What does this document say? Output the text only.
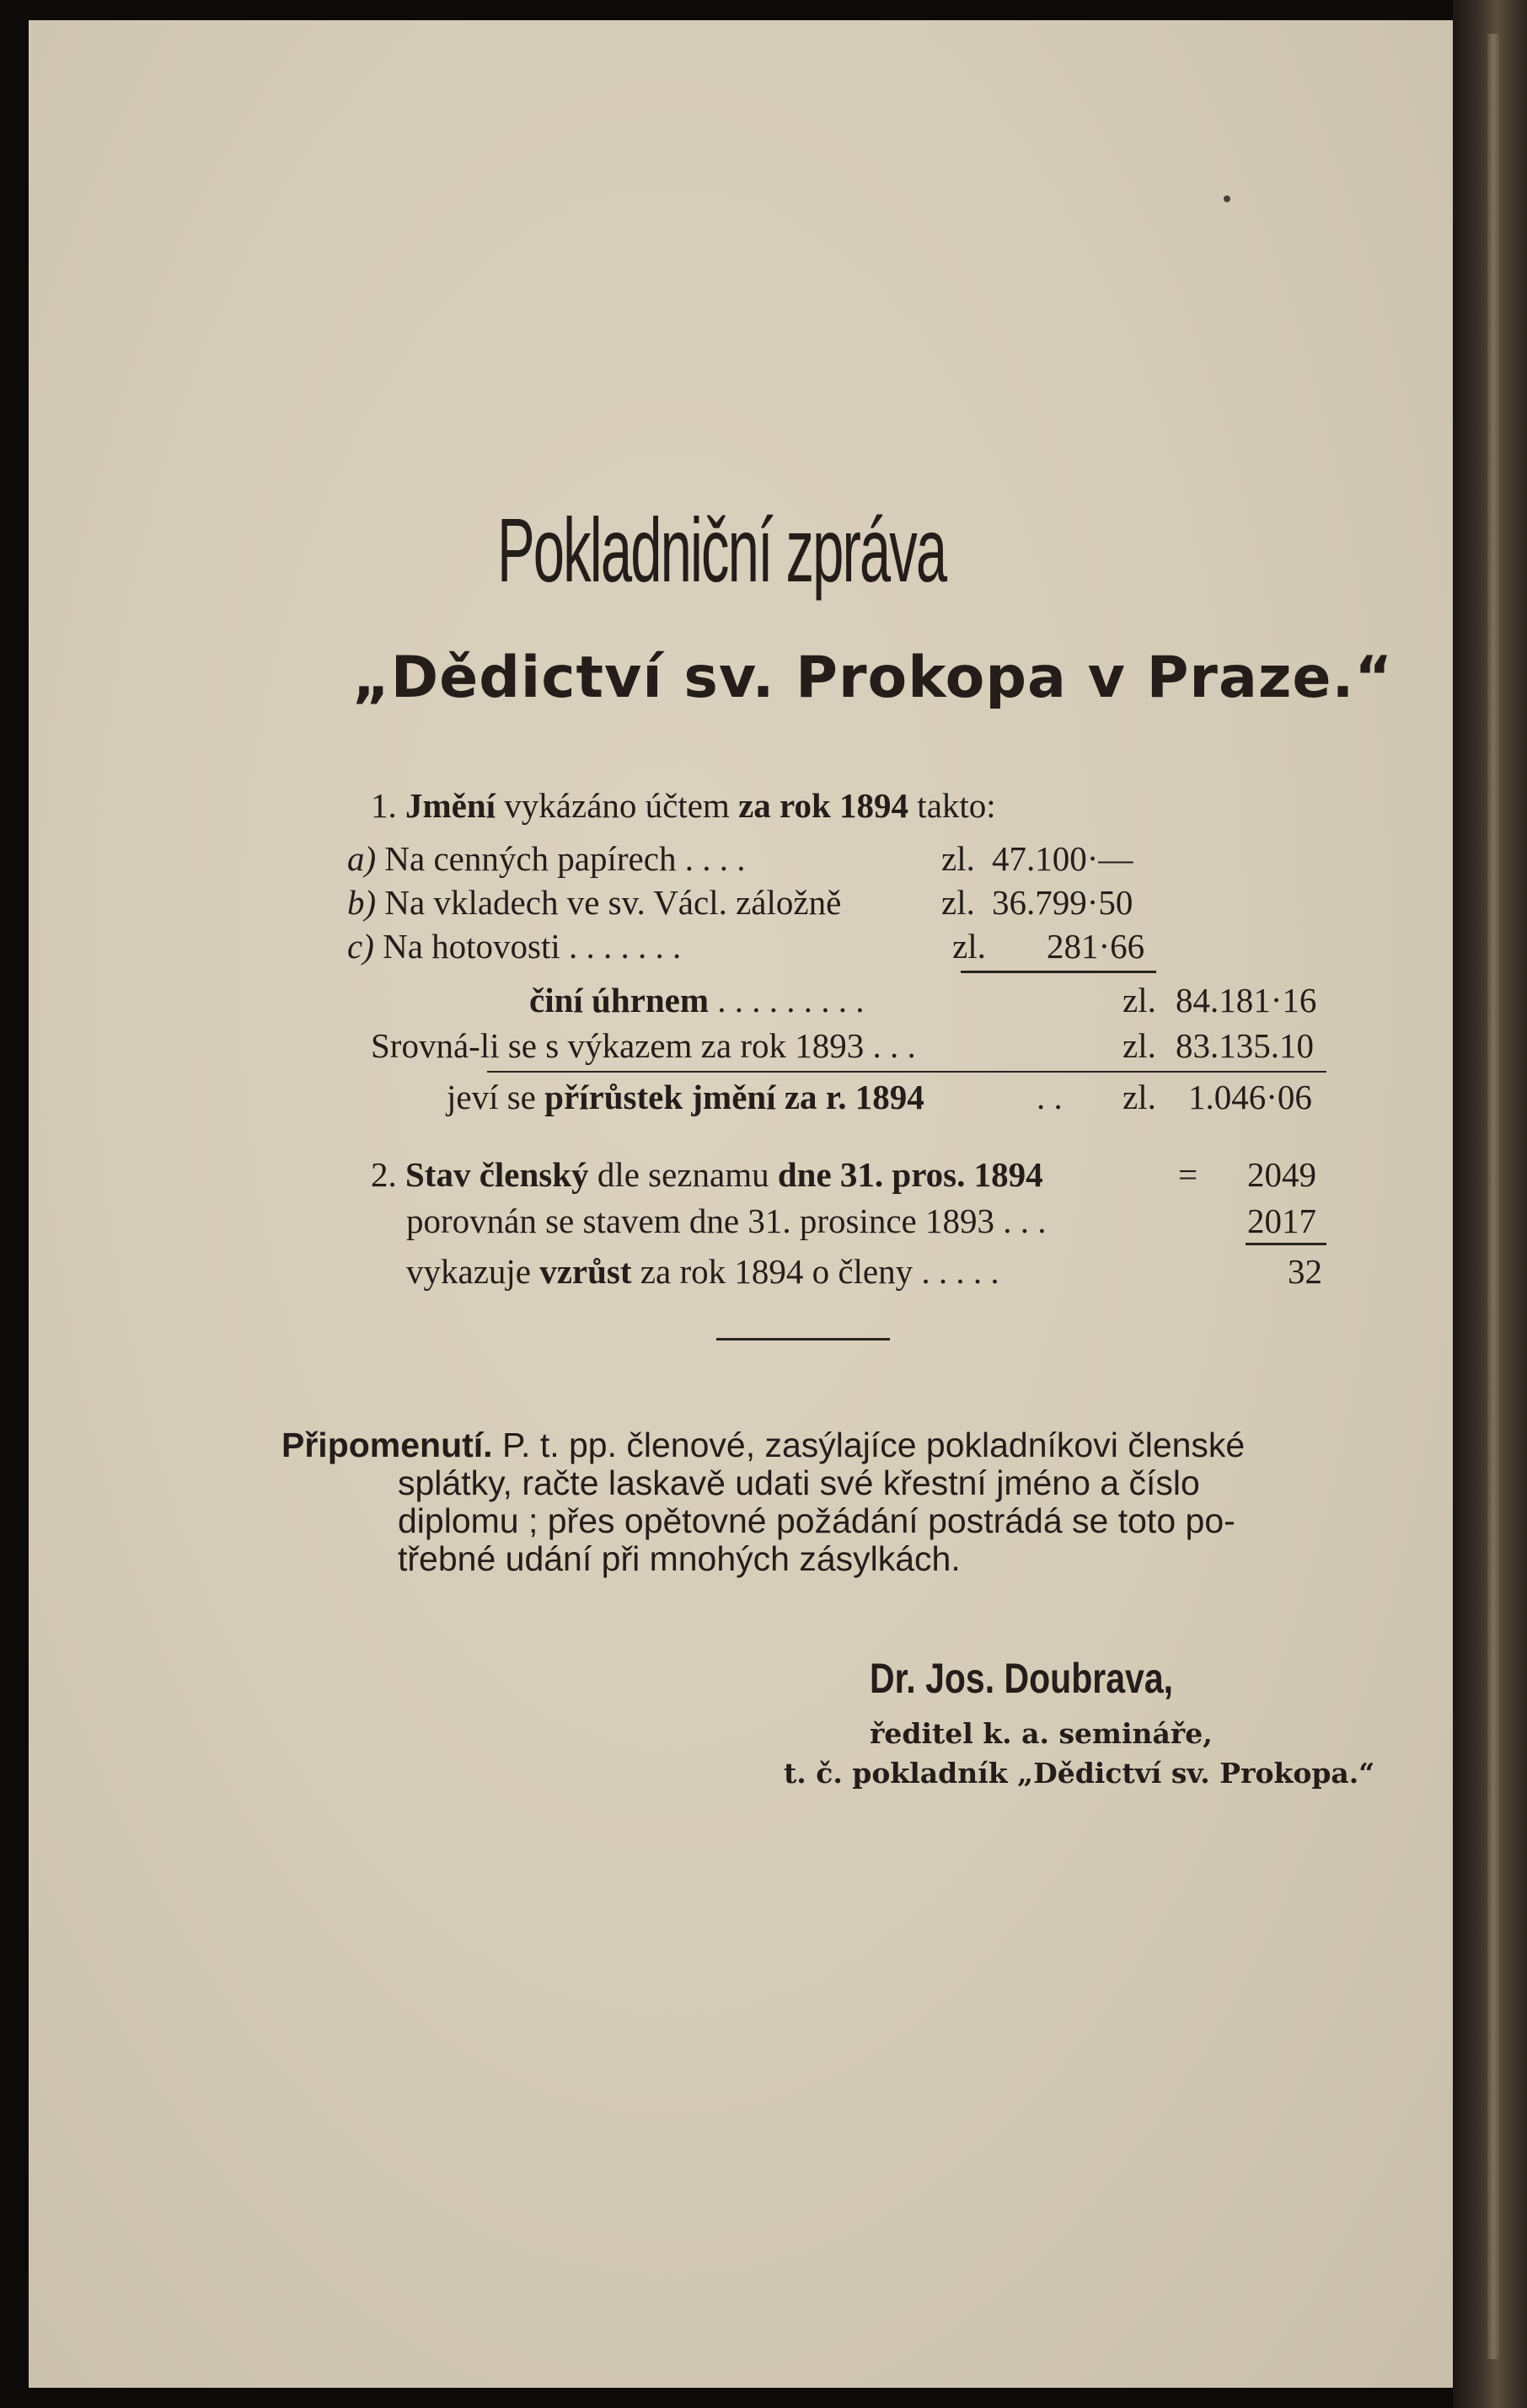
Pokladniční zpráva
„Dědictví sv. Prokopa v Praze.“
1. Jmění vykázáno účtem za rok 1894 takto:
a) Na cenných papírech . . . .	zl. 47.100·—
b) Na vkladech ve sv. Václ. záložně	zl. 36.799·50
c) Na hotovosti . . . . . . .	zl. 281·66
činí úhrnem . . . . . . . . .	zl. 84.181·16
Srovná-li se s výkazem za rok 1893 . . .	zl. 83.135.10
jeví se přírůstek jmění za r. 1894	. . zl. 1.046·06
2. Stav členský dle seznamu dne 31. pros. 1894	= 2049
porovnán se stavem dne 31. prosince 1893 . . .	2017
vykazuje vzrůst za rok 1894 o členy . . . . .	32
Připomenutí. P. t. pp. členové, zasýlajíce pokladníkovi členské
splátky, račte laskavě udati své křestní jméno a číslo
diplomu ; přes opětovné požádání postrádá se toto po-
třebné udání při mnohých zásylkách.
Dr. Jos. Doubrava,
ředitel k. a. semináře,
t. č. pokladník „Dědictví sv. Prokopa.“
